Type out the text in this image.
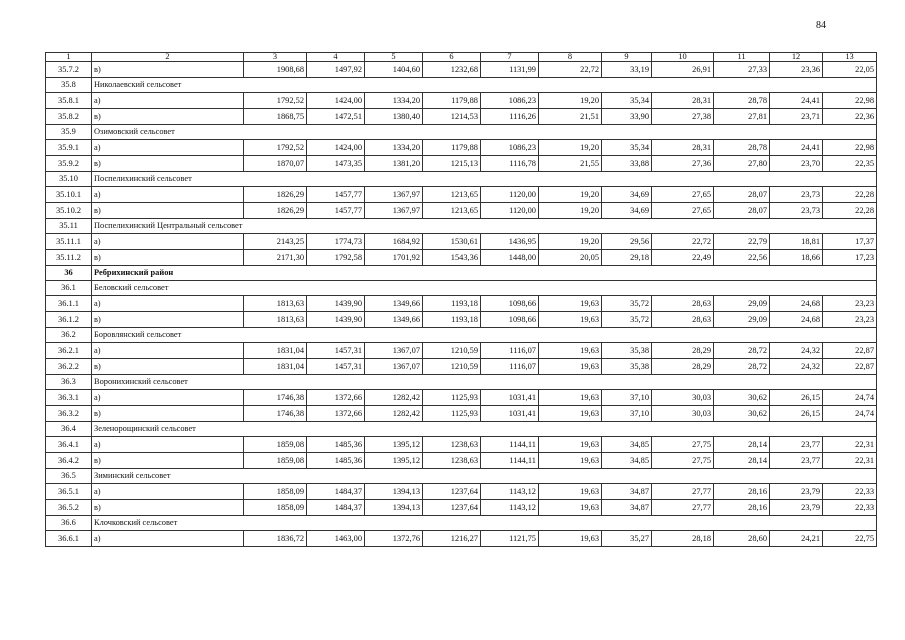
84
1	2	3	4	5	6	7	8	9	10	11	12	13
35.7.2	в)	1908,68	1497,92	1404,60	1232,68	1131,99	22,72	33,19	26,91	27,33	23,36	22,05
35.8	Николаевский сельсовет											
35.8.1	а)	1792,52	1424,00	1334,20	1179,88	1086,23	19,20	35,34	28,31	28,78	24,41	22,98
35.8.2	в)	1868,75	1472,51	1380,40	1214,53	1116,26	21,51	33,90	27,38	27,81	23,71	22,36
35.9	Озимовский сельсовет											
35.9.1	а)	1792,52	1424,00	1334,20	1179,88	1086,23	19,20	35,34	28,31	28,78	24,41	22,98
35.9.2	в)	1870,07	1473,35	1381,20	1215,13	1116,78	21,55	33,88	27,36	27,80	23,70	22,35
35.10	Поспелихинский сельсовет											
35.10.1	а)	1826,29	1457,77	1367,97	1213,65	1120,00	19,20	34,69	27,65	28,07	23,73	22,28
35.10.2	в)	1826,29	1457,77	1367,97	1213,65	1120,00	19,20	34,69	27,65	28,07	23,73	22,28
35.11	Поспелихинский Центральный сельсовет											
35.11.1	а)	2143,25	1774,73	1684,92	1530,61	1436,95	19,20	29,56	22,72	22,79	18,81	17,37
35.11.2	в)	2171,30	1792,58	1701,92	1543,36	1448,00	20,05	29,18	22,49	22,56	18,66	17,23
36	Ребрихинский район											
36.1	Беловский сельсовет											
36.1.1	а)	1813,63	1439,90	1349,66	1193,18	1098,66	19,63	35,72	28,63	29,09	24,68	23,23
36.1.2	в)	1813,63	1439,90	1349,66	1193,18	1098,66	19,63	35,72	28,63	29,09	24,68	23,23
36.2	Боровлянский сельсовет											
36.2.1	а)	1831,04	1457,31	1367,07	1210,59	1116,07	19,63	35,38	28,29	28,72	24,32	22,87
36.2.2	в)	1831,04	1457,31	1367,07	1210,59	1116,07	19,63	35,38	28,29	28,72	24,32	22,87
36.3	Воронихинский сельсовет											
36.3.1	а)	1746,38	1372,66	1282,42	1125,93	1031,41	19,63	37,10	30,03	30,62	26,15	24,74
36.3.2	в)	1746,38	1372,66	1282,42	1125,93	1031,41	19,63	37,10	30,03	30,62	26,15	24,74
36.4	Зеленорощинский сельсовет											
36.4.1	а)	1859,08	1485,36	1395,12	1238,63	1144,11	19,63	34,85	27,75	28,14	23,77	22,31
36.4.2	в)	1859,08	1485,36	1395,12	1238,63	1144,11	19,63	34,85	27,75	28,14	23,77	22,31
36.5	Зиминский сельсовет											
36.5.1	а)	1858,09	1484,37	1394,13	1237,64	1143,12	19,63	34,87	27,77	28,16	23,79	22,33
36.5.2	в)	1858,09	1484,37	1394,13	1237,64	1143,12	19,63	34,87	27,77	28,16	23,79	22,33
36.6	Клочковский сельсовет											
36.6.1	а)	1836,72	1463,00	1372,76	1216,27	1121,75	19,63	35,27	28,18	28,60	24,21	22,75
